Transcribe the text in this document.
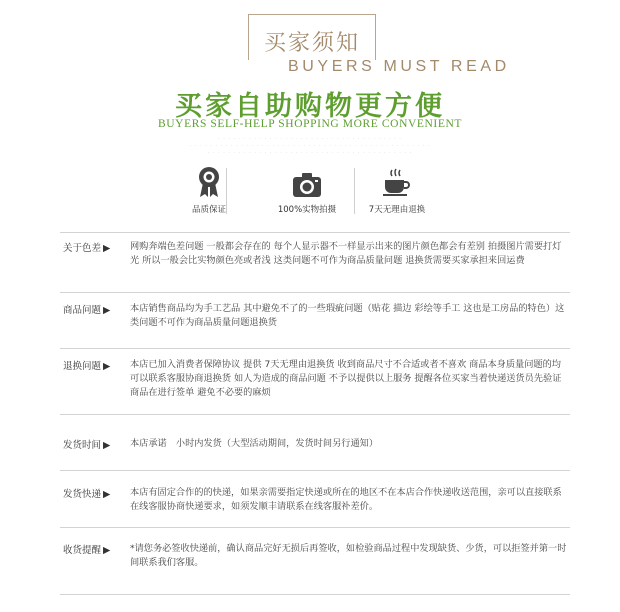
买家须知
BUYERS MUST READ
买家自助购物更方便
BUYERS SELF-HELP SHOPPING MORE CONVENIENT
· · · · · · · · · · · · · · · · · · · · · · · · · · · · · · · · · · · ·
· · · · · · · · · · · · · · · · · · · · · · · · · · · · · · · · · · · · · · · · · · · · · · ·
· · · · · · · · · · · · · · · · · · · · · · · · · · · · · · · · · · · · · · · ·
品质保证	100%实物拍摄	7天无理由退换
关于色差 ▶ 网购奔端色差问题 一般都会存在的 每个人显示器不一样显示出来的图片颜色都会有差别 拍摄图片需要打灯光 所以一般会比实物颜色亮或者浅 这类问题不可作为商品质量问题 退换货需要买家承担来回运费
商品问题 ▶ 本店销售商品均为手工艺品 其中避免不了的一些瑕疵问题（贴花 描边 彩绘等手工 这也是工房品的特色）这类问题不可作为商品质量问题退换货
退换问题 ▶ 本店已加入消费者保障协议 提供 7天无理由退换货 收到商品尺寸不合适或者不喜欢 商品本身质量问题的均可以联系客服协商退换货 如人为造成的商品问题 不予以提供以上服务 提醒各位买家当着快递送货员先验证商品在进行签单 避免不必要的麻烦
发货时间 ▶ 本店承诺　小时内发货（大型活动期间，发货时间另行通知）
发货快递 ▶ 本店有固定合作的的快递，如果亲需要指定快递或所在的地区不在本店合作快递收送范围，亲可以直接联系在线客服协商快递要求，如须发顺丰请联系在线客服补差价。
收货提醒 ▶ *请您务必签收快递前，确认商品完好无损后再签收，如检验商品过程中发现缺货、少货，可以拒签并第一时间联系我们客服。
